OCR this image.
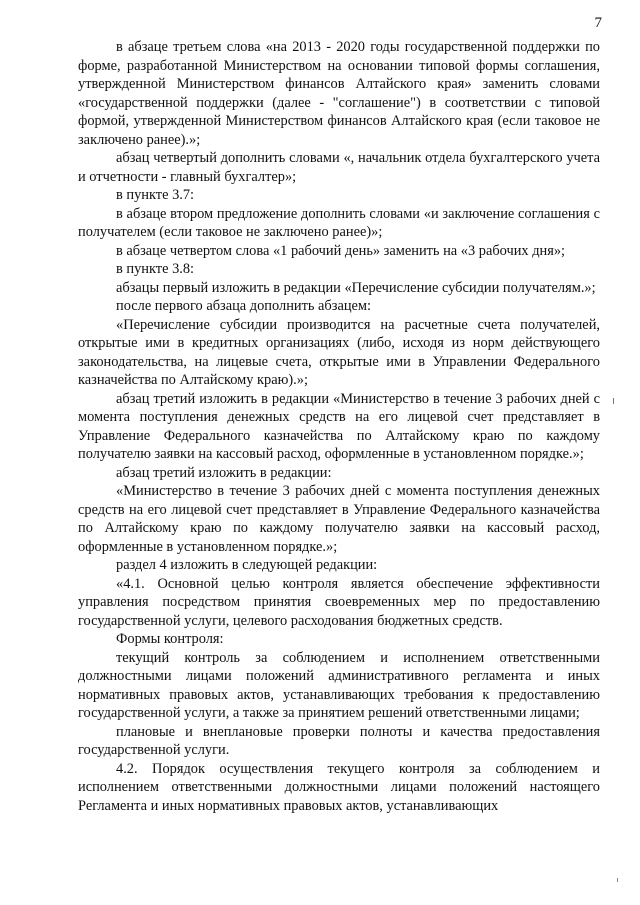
7

в абзаце третьем слова «на 2013 - 2020 годы государственной поддержки по форме, разработанной Министерством на основании типовой формы соглашения, утвержденной Министерством финансов Алтайского края» заменить словами «государственной поддержки (далее - "соглашение") в соответствии с типовой формой, утвержденной Министерством финансов Алтайского края (если таковое не заключено ранее).»;

абзац четвертый дополнить словами «, начальник отдела бухгалтерского учета и отчетности - главный бухгалтер»;

в пункте 3.7:

в абзаце втором предложение дополнить словами «и заключение соглашения с получателем (если таковое не заключено ранее)»;

в абзаце четвертом слова «1 рабочий день» заменить на «3 рабочих дня»;

в пункте 3.8:

абзацы первый изложить в редакции «Перечисление субсидии получателям.»;

после первого абзаца дополнить абзацем:

«Перечисление субсидии производится на расчетные счета получателей, открытые ими в кредитных организациях (либо, исходя из норм действующего законодательства, на лицевые счета, открытые ими в Управлении Федерального казначейства по Алтайскому краю).»;

абзац третий изложить в редакции «Министерство в течение 3 рабочих дней с момента поступления денежных средств на его лицевой счет представляет в Управление Федерального казначейства по Алтайскому краю по каждому получателю заявки на кассовый расход, оформленные в установленном порядке.»;

абзац третий изложить в редакции:

«Министерство в течение 3 рабочих дней с момента поступления денежных средств на его лицевой счет представляет в Управление Федерального казначейства по Алтайскому краю по каждому получателю заявки на кассовый расход, оформленные в установленном порядке.»;

раздел 4 изложить в следующей редакции:

«4.1. Основной целью контроля является обеспечение эффективности управления посредством принятия своевременных мер по предоставлению государственной услуги, целевого расходования бюджетных средств.

Формы контроля:

текущий контроль за соблюдением и исполнением ответственными должностными лицами положений административного регламента и иных нормативных правовых актов, устанавливающих требования к предоставлению государственной услуги, а также за принятием решений ответственными лицами;

плановые и внеплановые проверки полноты и качества предоставления государственной услуги.

4.2. Порядок осуществления текущего контроля за соблюдением и исполнением ответственными должностными лицами положений настоящего Регламента и иных нормативных правовых актов, устанавливающих
